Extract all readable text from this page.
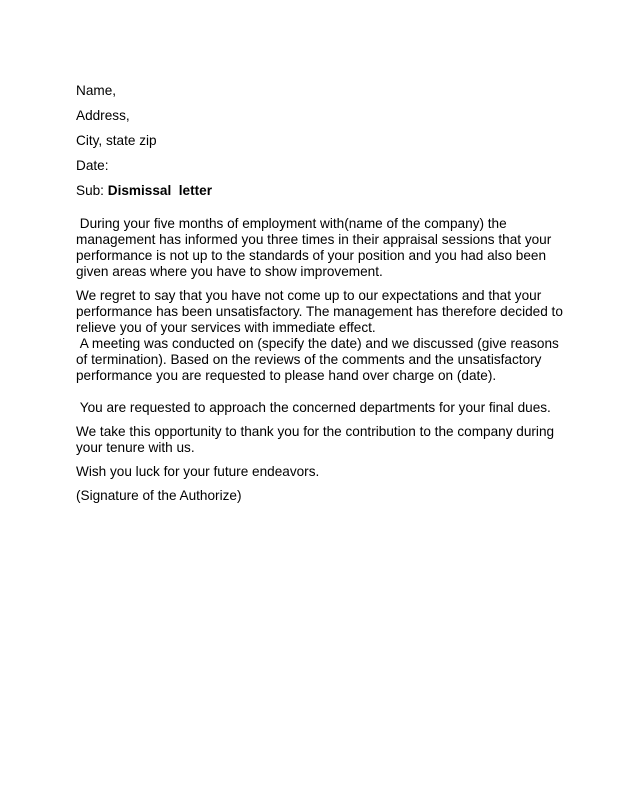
Name,
Address,
City, state zip
Date:
Sub: Dismissal  letter
During your five months of employment with(name of the company) the management has informed you three times in their appraisal sessions that your performance is not up to the standards of your position and you had also been given areas where you have to show improvement.
We regret to say that you have not come up to our expectations and that your performance has been unsatisfactory. The management has therefore decided to relieve you of your services with immediate effect.
A meeting was conducted on (specify the date) and we discussed (give reasons of termination). Based on the reviews of the comments and the unsatisfactory performance you are requested to please hand over charge on (date).
You are requested to approach the concerned departments for your final dues.
We take this opportunity to thank you for the contribution to the company during your tenure with us.
Wish you luck for your future endeavors.
(Signature of the Authorize)
